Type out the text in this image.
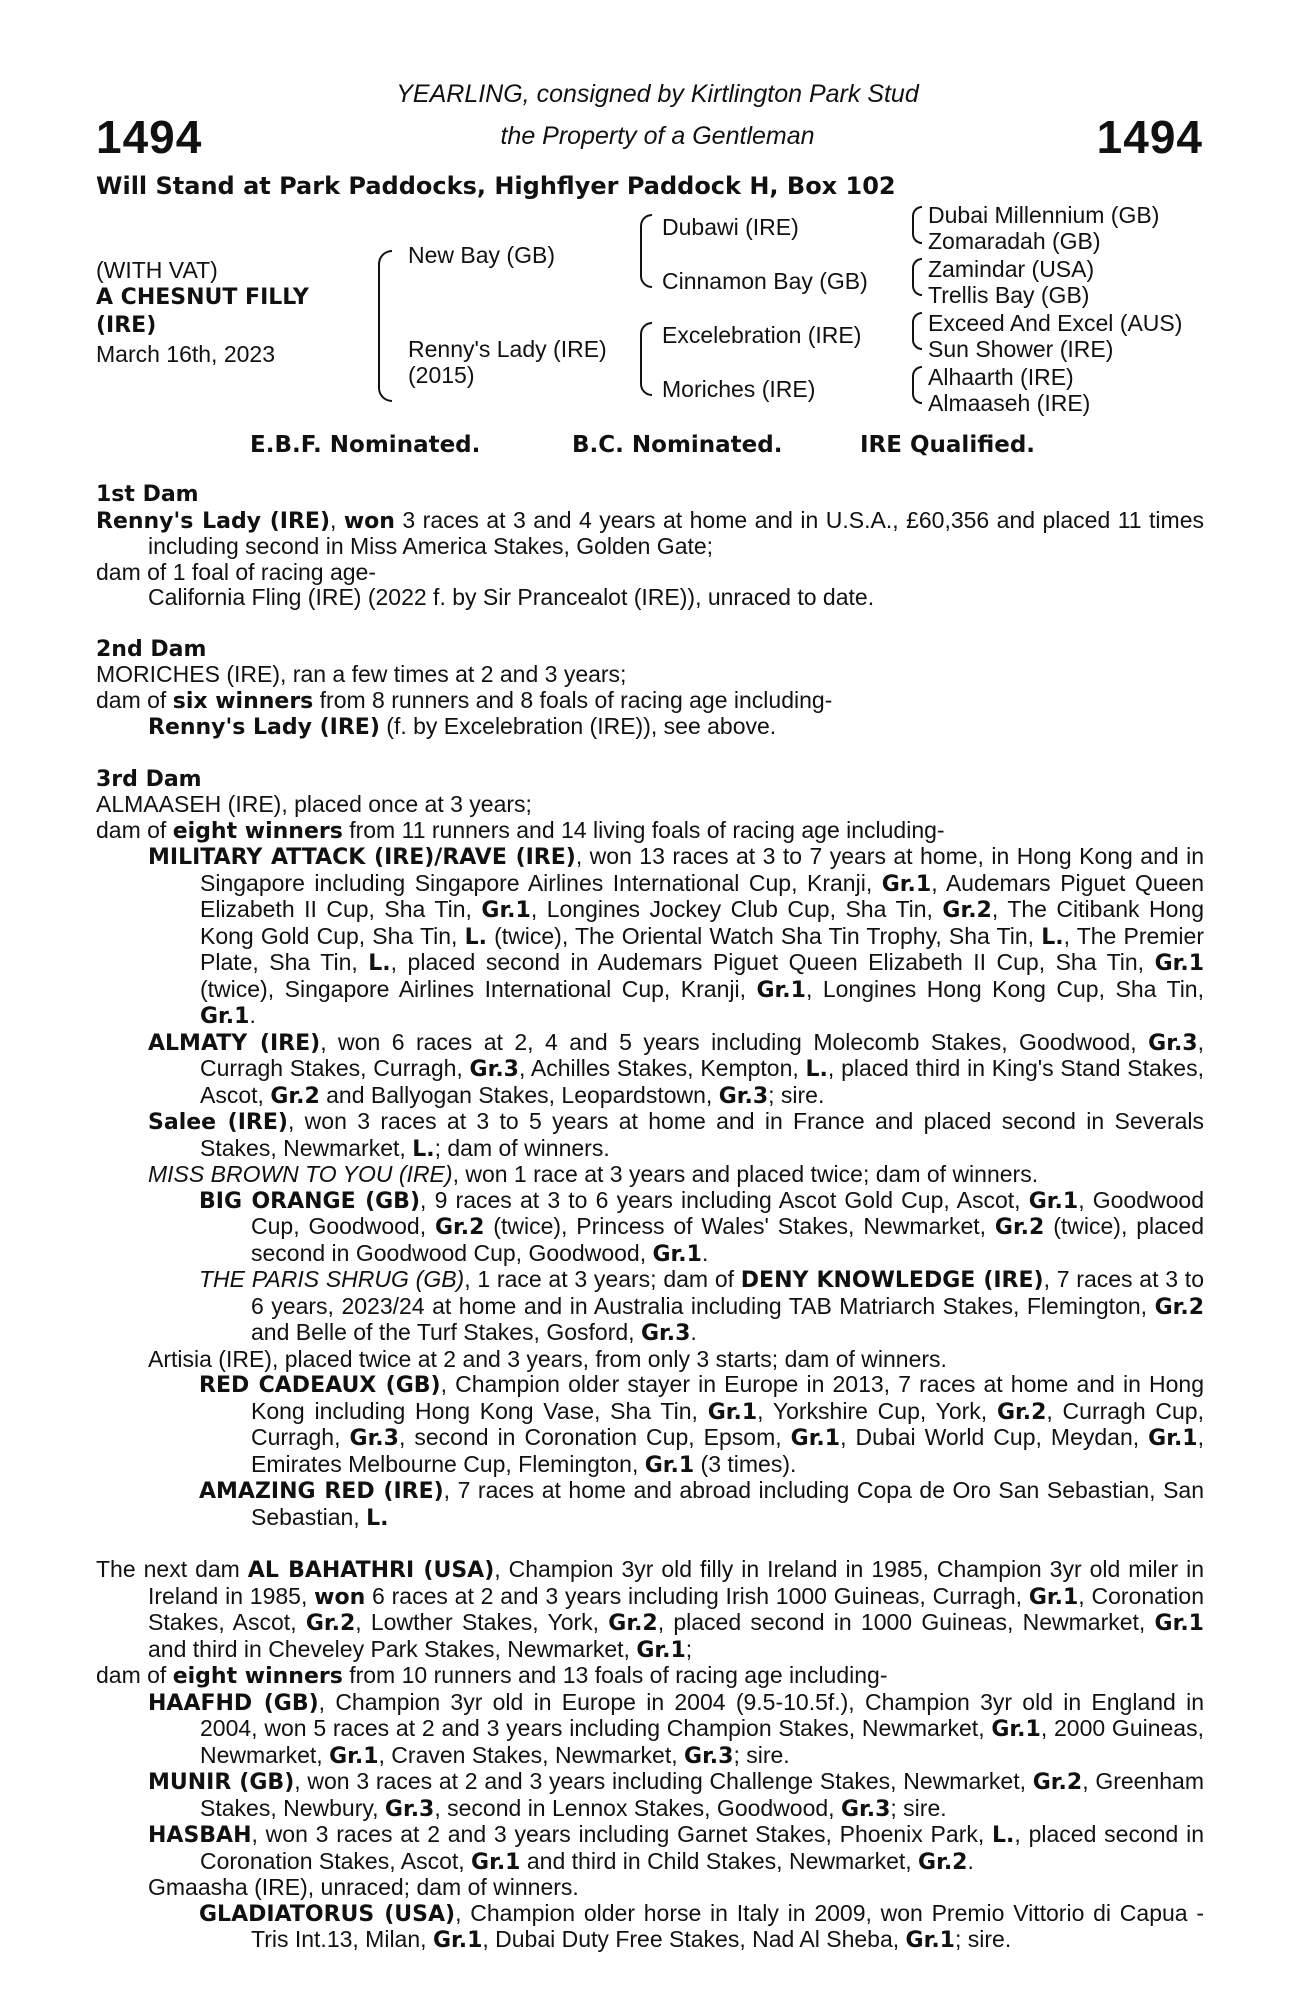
1494	1494
YEARLING, consigned by Kirtlington Park Stud
the Property of a Gentleman
Will Stand at Park Paddocks, Highflyer Paddock H, Box 102
(WITH VAT)
A CHESNUT FILLY
(IRE)
March 16th, 2023
New Bay (GB)
Renny's Lady (IRE)
(2015)
Dubawi (IRE)
Cinnamon Bay (GB)
Excelebration (IRE)
Moriches (IRE)
Dubai Millennium (GB)
Zomaradah (GB)
Zamindar (USA)
Trellis Bay (GB)
Exceed And Excel (AUS)
Sun Shower (IRE)
Alhaarth (IRE)
Almaaseh (IRE)
E.B.F. Nominated.	B.C. Nominated.	IRE Qualified.
1st Dam
Renny's Lady (IRE), won 3 races at 3 and 4 years at home and in U.S.A., £60,356 and placed 11 times including second in Miss America Stakes, Golden Gate;
dam of 1 foal of racing age-
California Fling (IRE) (2022 f. by Sir Prancealot (IRE)), unraced to date.
2nd Dam
MORICHES (IRE), ran a few times at 2 and 3 years;
dam of six winners from 8 runners and 8 foals of racing age including-
Renny's Lady (IRE) (f. by Excelebration (IRE)), see above.
3rd Dam
ALMAASEH (IRE), placed once at 3 years;
dam of eight winners from 11 runners and 14 living foals of racing age including-
MILITARY ATTACK (IRE)/RAVE (IRE), won 13 races at 3 to 7 years at home, in Hong Kong and in Singapore including Singapore Airlines International Cup, Kranji, Gr.1, Audemars Piguet Queen Elizabeth II Cup, Sha Tin, Gr.1, Longines Jockey Club Cup, Sha Tin, Gr.2, The Citibank Hong Kong Gold Cup, Sha Tin, L. (twice), The Oriental Watch Sha Tin Trophy, Sha Tin, L., The Premier Plate, Sha Tin, L., placed second in Audemars Piguet Queen Elizabeth II Cup, Sha Tin, Gr.1 (twice), Singapore Airlines International Cup, Kranji, Gr.1, Longines Hong Kong Cup, Sha Tin, Gr.1.
ALMATY (IRE), won 6 races at 2, 4 and 5 years including Molecomb Stakes, Goodwood, Gr.3, Curragh Stakes, Curragh, Gr.3, Achilles Stakes, Kempton, L., placed third in King's Stand Stakes, Ascot, Gr.2 and Ballyogan Stakes, Leopardstown, Gr.3; sire.
Salee (IRE), won 3 races at 3 to 5 years at home and in France and placed second in Severals Stakes, Newmarket, L.; dam of winners.
MISS BROWN TO YOU (IRE), won 1 race at 3 years and placed twice; dam of winners.
BIG ORANGE (GB), 9 races at 3 to 6 years including Ascot Gold Cup, Ascot, Gr.1, Goodwood Cup, Goodwood, Gr.2 (twice), Princess of Wales' Stakes, Newmarket, Gr.2 (twice), placed second in Goodwood Cup, Goodwood, Gr.1.
THE PARIS SHRUG (GB), 1 race at 3 years; dam of DENY KNOWLEDGE (IRE), 7 races at 3 to 6 years, 2023/24 at home and in Australia including TAB Matriarch Stakes, Flemington, Gr.2 and Belle of the Turf Stakes, Gosford, Gr.3.
Artisia (IRE), placed twice at 2 and 3 years, from only 3 starts; dam of winners.
RED CADEAUX (GB), Champion older stayer in Europe in 2013, 7 races at home and in Hong Kong including Hong Kong Vase, Sha Tin, Gr.1, Yorkshire Cup, York, Gr.2, Curragh Cup, Curragh, Gr.3, second in Coronation Cup, Epsom, Gr.1, Dubai World Cup, Meydan, Gr.1, Emirates Melbourne Cup, Flemington, Gr.1 (3 times).
AMAZING RED (IRE), 7 races at home and abroad including Copa de Oro San Sebastian, San Sebastian, L.
The next dam AL BAHATHRI (USA), Champion 3yr old filly in Ireland in 1985, Champion 3yr old miler in Ireland in 1985, won 6 races at 2 and 3 years including Irish 1000 Guineas, Curragh, Gr.1, Coronation Stakes, Ascot, Gr.2, Lowther Stakes, York, Gr.2, placed second in 1000 Guineas, Newmarket, Gr.1 and third in Cheveley Park Stakes, Newmarket, Gr.1;
dam of eight winners from 10 runners and 13 foals of racing age including-
HAAFHD (GB), Champion 3yr old in Europe in 2004 (9.5-10.5f.), Champion 3yr old in England in 2004, won 5 races at 2 and 3 years including Champion Stakes, Newmarket, Gr.1, 2000 Guineas, Newmarket, Gr.1, Craven Stakes, Newmarket, Gr.3; sire.
MUNIR (GB), won 3 races at 2 and 3 years including Challenge Stakes, Newmarket, Gr.2, Greenham Stakes, Newbury, Gr.3, second in Lennox Stakes, Goodwood, Gr.3; sire.
HASBAH, won 3 races at 2 and 3 years including Garnet Stakes, Phoenix Park, L., placed second in Coronation Stakes, Ascot, Gr.1 and third in Child Stakes, Newmarket, Gr.2.
Gmaasha (IRE), unraced; dam of winners.
GLADIATORUS (USA), Champion older horse in Italy in 2009, won Premio Vittorio di Capua - Tris Int.13, Milan, Gr.1, Dubai Duty Free Stakes, Nad Al Sheba, Gr.1; sire.
